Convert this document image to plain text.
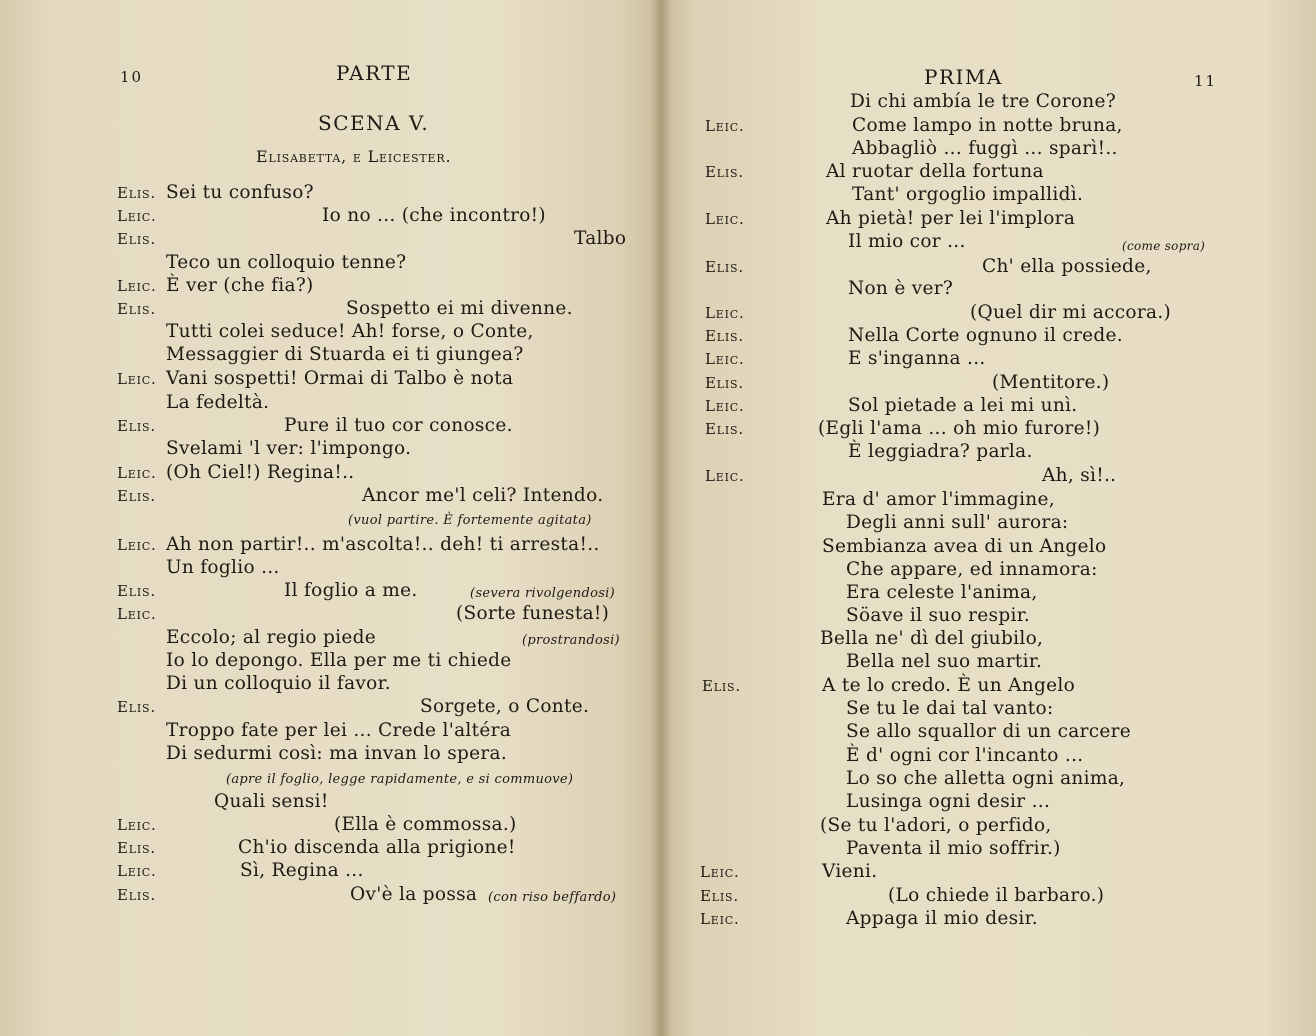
10	PARTE
SCENA V.
Elisabetta, e Leicester.
Elis. Sei tu confuso?
Leic.	Io no ... (che incontro!)
Elis.	Talbo
Teco un colloquio tenne?
Leic. È ver (che fia?)
Elis.	Sospetto ei mi divenne.
Tutti colei seduce! Ah! forse, o Conte,
Messaggier di Stuarda ei ti giungea?
Leic. Vani sospetti! Ormai di Talbo è nota
La fedeltà.
Elis.	Pure il tuo cor conosce.
Svelami 'l ver: l'impongo.
Leic. (Oh Ciel!) Regina!..
Elis.	Ancor me'l celi? Intendo.
(vuol partire. È fortemente agitata)
Leic. Ah non partir!.. m'ascolta!.. deh! ti arresta!..
Un foglio ...
Elis.	Il foglio a me.	(severa rivolgendosi)
Leic.	(Sorte funesta!)
Eccolo; al regio piede	(prostrandosi)
Io lo depongo. Ella per me ti chiede
Di un colloquio il favor.
Elis.	Sorgete, o Conte.
Troppo fate per lei ... Crede l'altéra
Di sedurmi così: ma invan lo spera.
(apre il foglio, legge rapidamente, e si commuove)
Quali sensi!
Leic.	(Ella è commossa.)
Elis.	Ch'io discenda alla prigione!
Leic.	Sì, Regina ...
Elis.	Ov'è la possa (con riso beffardo)
PRIMA	11
Di chi ambía le tre Corone?
Leic.	Come lampo in notte bruna,
Abbagliò ... fuggì ... sparì!..
Elis.	Al ruotar della fortuna
Tant' orgoglio impallidì.
Leic.	Ah pietà! per lei l'implora
Il mio cor ...	(come sopra)
Elis.	Ch' ella possiede,
Non è ver?
Leic.	(Quel dir mi accora.)
Elis.	Nella Corte ognuno il crede.
Leic.	E s'inganna ...
Elis.	(Mentitore.)
Leic.	Sol pietade a lei mi unì.
Elis.	(Egli l'ama ... oh mio furore!)
È leggiadra? parla.
Leic.	Ah, sì!..
Era d' amor l'immagine,
Degli anni sull' aurora:
Sembianza avea di un Angelo
Che appare, ed innamora:
Era celeste l'anima,
Söave il suo respir.
Bella ne' dì del giubilo,
Bella nel suo martir.
Elis.	A te lo credo. È un Angelo
Se tu le dai tal vanto:
Se allo squallor di un carcere
È d' ogni cor l'incanto ...
Lo so che alletta ogni anima,
Lusinga ogni desir ...
(Se tu l'adori, o perfido,
Paventa il mio soffrir.)
Leic.	Vieni.
Elis.	(Lo chiede il barbaro.)
Leic.	Appaga il mio desir.
